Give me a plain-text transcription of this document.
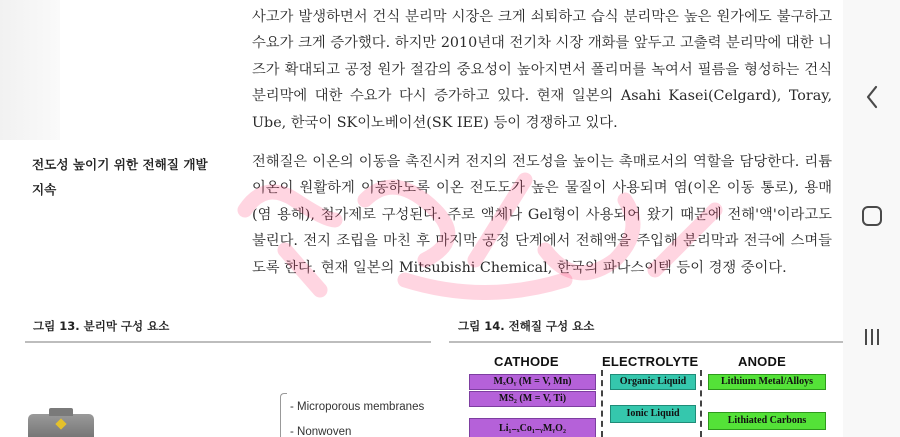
사고가 발생하면서 건식 분리막 시장은 크게 쇠퇴하고 습식 분리막은 높은 원가에도 불구하고 수요가 크게 증가했다. 하지만 2010년대 전기차 시장 개화를 앞두고 고출력 분리막에 대한 니즈가 확대되고 공정 원가 절감의 중요성이 높아지면서 폴리머를 녹여서 필름을 형성하는 건식 분리막에 대한 수요가 다시 증가하고 있다. 현재 일본의 Asahi Kasei(Celgard), Toray, Ube, 한국이 SK이노베이션(SK IEE) 등이 경쟁하고 있다.

전도성 높이기 위한 전해질 개발 지속

전해질은 이온의 이동을 촉진시켜 전지의 전도성을 높이는 촉매로서의 역할을 담당한다. 리튬 이온이 원활하게 이동하도록 이온 전도도가 높은 물질이 사용되며 염(이온 이동 통로), 용매(염 용해), 첨가제로 구성된다. 주로 액체나 Gel형이 사용되어 왔기 때문에 전해'액'이라고도 불린다. 전지 조립을 마친 후 마지막 공정 단계에서 전해액을 주입해 분리막과 전극에 스며들도록 한다. 현재 일본의 Mitsubishi Chemical, 한국의 파나스이텍 등이 경쟁 중이다.

그림 13. 분리막 구성 요소	그림 14. 전해질 구성 요소

- Microporous membranes
- Nonwoven
CATHODE	ELECTROLYTE	ANODE
MₓOᵧ (M = V, Mn)
MS₂ (M = V, Ti)
Li₁₋ₓCo₁₋ᵧMᵧO₂
Organic Liquid
Ionic Liquid
Lithium Metal/Alloys
Lithiated Carbons
